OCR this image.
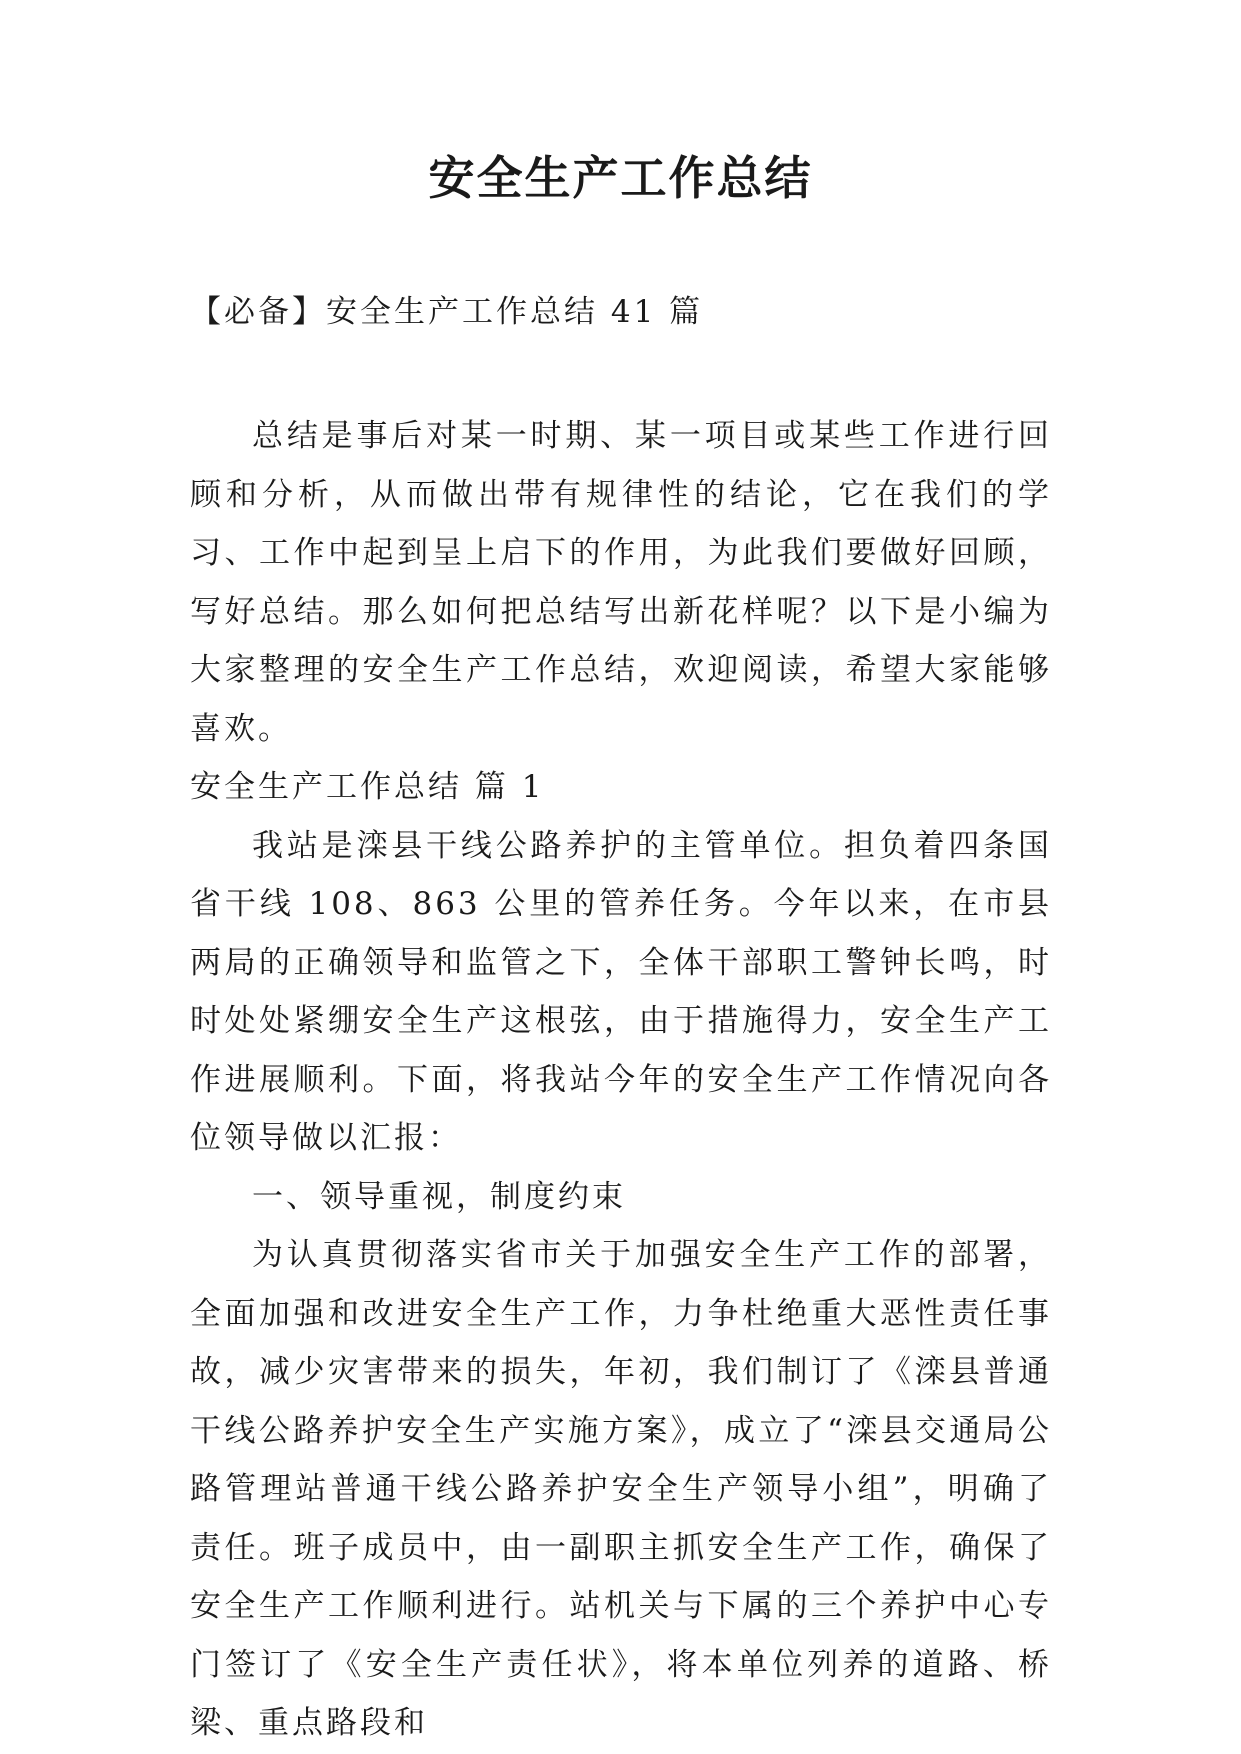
安全生产工作总结
【必备】安全生产工作总结 41 篇

总结是事后对某一时期、某一项目或某些工作进行回顾和分析，从而做出带有规律性的结论，它在我们的学习、工作中起到呈上启下的作用，为此我们要做好回顾，写好总结。那么如何把总结写出新花样呢？以下是小编为大家整理的安全生产工作总结，欢迎阅读，希望大家能够喜欢。

安全生产工作总结 篇 1

我站是滦县干线公路养护的主管单位。担负着四条国省干线 108、863 公里的管养任务。今年以来，在市县两局的正确领导和监管之下，全体干部职工警钟长鸣，时时处处紧绷安全生产这根弦，由于措施得力，安全生产工作进展顺利。下面，将我站今年的安全生产工作情况向各位领导做以汇报：

一、领导重视，制度约束

为认真贯彻落实省市关于加强安全生产工作的部署，全面加强和改进安全生产工作，力争杜绝重大恶性责任事故，减少灾害带来的损失，年初，我们制订了《滦县普通干线公路养护安全生产实施方案》，成立了“滦县交通局公路管理站普通干线公路养护安全生产领导小组”，明确了责任。班子成员中，由一副职主抓安全生产工作，确保了安全生产工作顺利进行。站机关与下属的三个养护中心专门签订了《安全生产责任状》，将本单位列养的道路、桥梁、重点路段和
